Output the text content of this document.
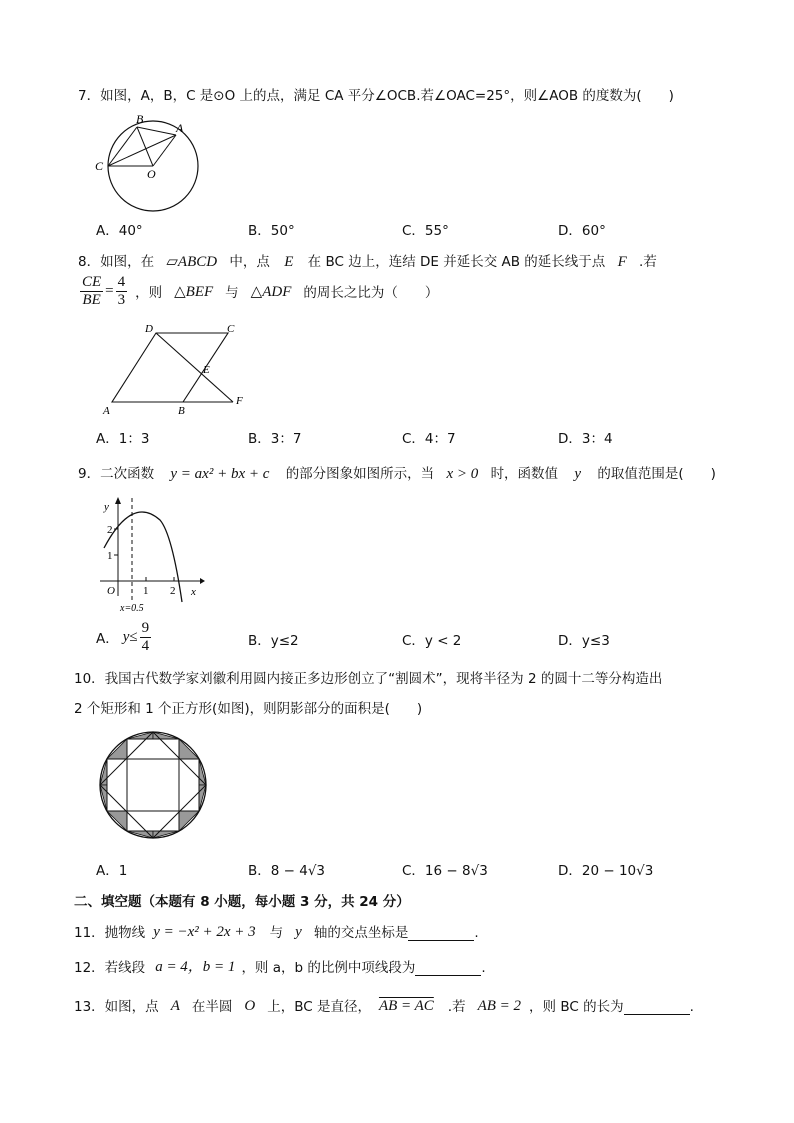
7．如图，A，B，C 是⊙O 上的点，满足 CA 平分∠OCB.若∠OAC=25°，则∠AOB 的度数为(　　)
B
A
C
O
A．40°	B．50°	C．55°	D．60°
8．如图，在 ▱ABCD 中，点 E 在 BC 边上，连结 DE 并延长交 AB 的延长线于点 F .若
$\frac{CE}{BE} = \frac{4}{3}$ ，则 △BEF 与 △ADF 的周长之比为（　　）
A	B
C
D
E
F
A．1：3	B．3：7	C．4：7	D．3：4
9．二次函数 y = ax² + bx + c 的部分图象如图所示，当 x > 0 时，函数值 y 的取值范围是(　　)
y
x
O
2
1
1 2
x=0.5
A． $y\le \frac{9}{4}$	B．y≤2	C．y < 2	D．y≤3
10．我国古代数学家刘徽利用圆内接正多边形创立了“割圆术”，现将半径为 2 的圆十二等分构造出
2 个矩形和 1 个正方形(如图)，则阴影部分的面积是(　　)
A．1	B．8 − 4√3	C．16 − 8√3	D．20 − 10√3
二、填空题（本题有 8 小题，每小题 3 分，共 24 分）
11．抛物线 y = −x² + 2x + 3 与 y 轴的交点坐标是	.
12．若线段 a = 4，b = 1 ，则 a，b 的比例中项线段为	.
13．如图，点 A 在半圆 O 上，BC 是直径， AB = AC .若 AB = 2 ，则 BC 的长为	.
